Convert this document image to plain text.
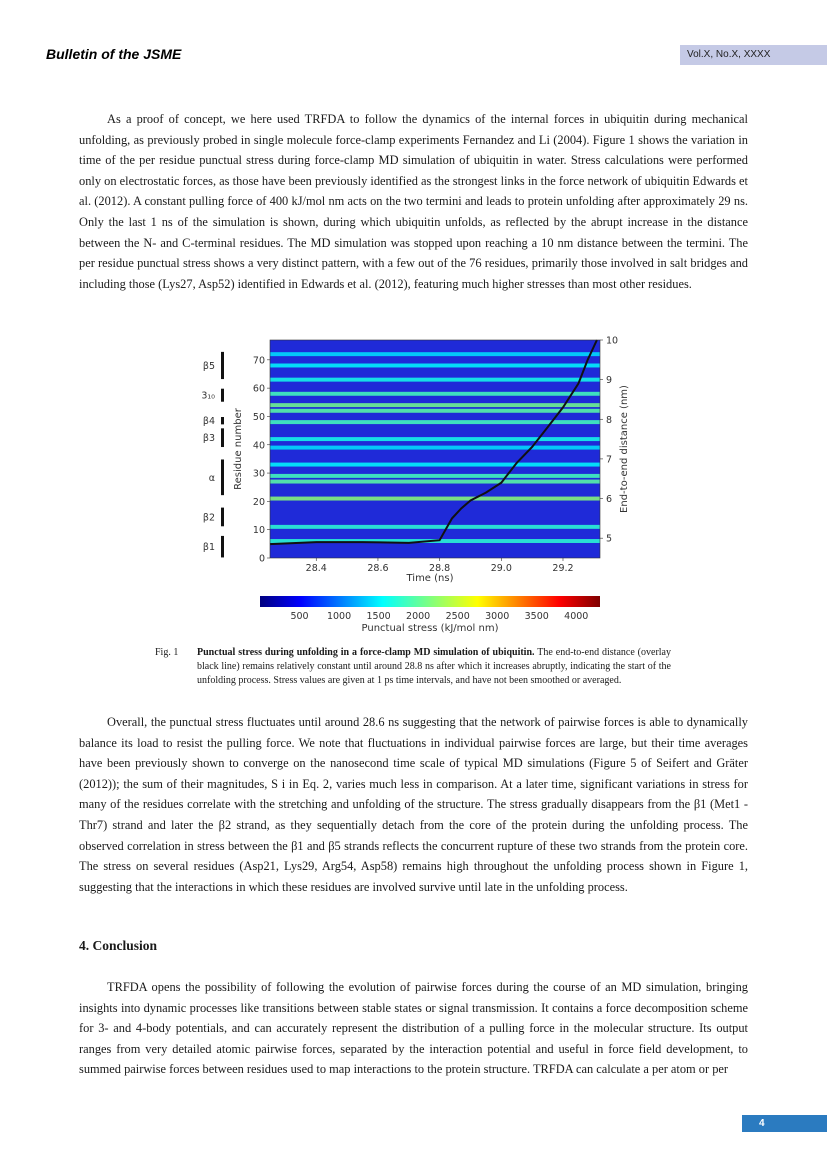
Bulletin of the JSME	Vol.X, No.X, XXXX

As a proof of concept, we here used TRFDA to follow the dynamics of the internal forces in ubiquitin during mechanical unfolding, as previously probed in single molecule force-clamp experiments Fernandez and Li (2004). Figure 1 shows the variation in time of the per residue punctual stress during force-clamp MD simulation of ubiquitin in water. Stress calculations were performed only on electrostatic forces, as those have been previously identified as the strongest links in the force network of ubiquitin Edwards et al. (2012). A constant pulling force of 400 kJ/mol nm acts on the two termini and leads to protein unfolding after approximately 29 ns. Only the last 1 ns of the simulation is shown, during which ubiquitin unfolds, as reflected by the abrupt increase in the distance between the N- and C-terminal residues. The MD simulation was stopped upon reaching a 10 nm distance between the termini. The per residue punctual stress shows a very distinct pattern, with a few out of the 76 residues, primarily those involved in salt bridges and including those (Lys27, Asp52) identified in Edwards et al. (2012), featuring much higher stresses than most other residues.

β5
3₁₀
β4
β3
α
β2
β1
0
10
20
30
40
50
60
70
5
6
7
8
9
10
28.4	28.6	28.8	29.0	29.2
Time (ns)
Residue number	End-to-end distance (nm)
500 1000 1500 2000 2500 3000 3500 4000
Punctual stress (kJ/mol nm)
Fig. 1 Punctual stress during unfolding in a force-clamp MD simulation of ubiquitin. The end-to-end distance (overlay black line) remains relatively constant until around 28.8 ns after which it increases abruptly, indicating the start of the unfolding process. Stress values are given at 1 ps time intervals, and have not been smoothed or averaged.

Overall, the punctual stress fluctuates until around 28.6 ns suggesting that the network of pairwise forces is able to dynamically balance its load to resist the pulling force. We note that fluctuations in individual pairwise forces are large, but their time averages have been previously shown to converge on the nanosecond time scale of typical MD simulations (Figure 5 of Seifert and Gräter (2012)); the sum of their magnitudes, S i in Eq. 2, varies much less in comparison. At a later time, significant variations in stress for many of the residues correlate with the stretching and unfolding of the structure. The stress gradually disappears from the β1 (Met1 - Thr7) strand and later the β2 strand, as they sequentially detach from the core of the protein during the unfolding process. The observed correlation in stress between the β1 and β5 strands reflects the concurrent rupture of these two strands from the protein core. The stress on several residues (Asp21, Lys29, Arg54, Asp58) remains high throughout the unfolding process shown in Figure 1, suggesting that the interactions in which these residues are involved survive until late in the unfolding process.

4. Conclusion

TRFDA opens the possibility of following the evolution of pairwise forces during the course of an MD simulation, bringing insights into dynamic processes like transitions between stable states or signal transmission. It contains a force decomposition scheme for 3- and 4-body potentials, and can accurately represent the distribution of a pulling force in the molecular structure. Its output ranges from very detailed atomic pairwise forces, separated by the interaction potential and useful in force field development, to summed pairwise forces between residues used to map interactions to the protein structure. TRFDA can calculate a per atom or per

4
